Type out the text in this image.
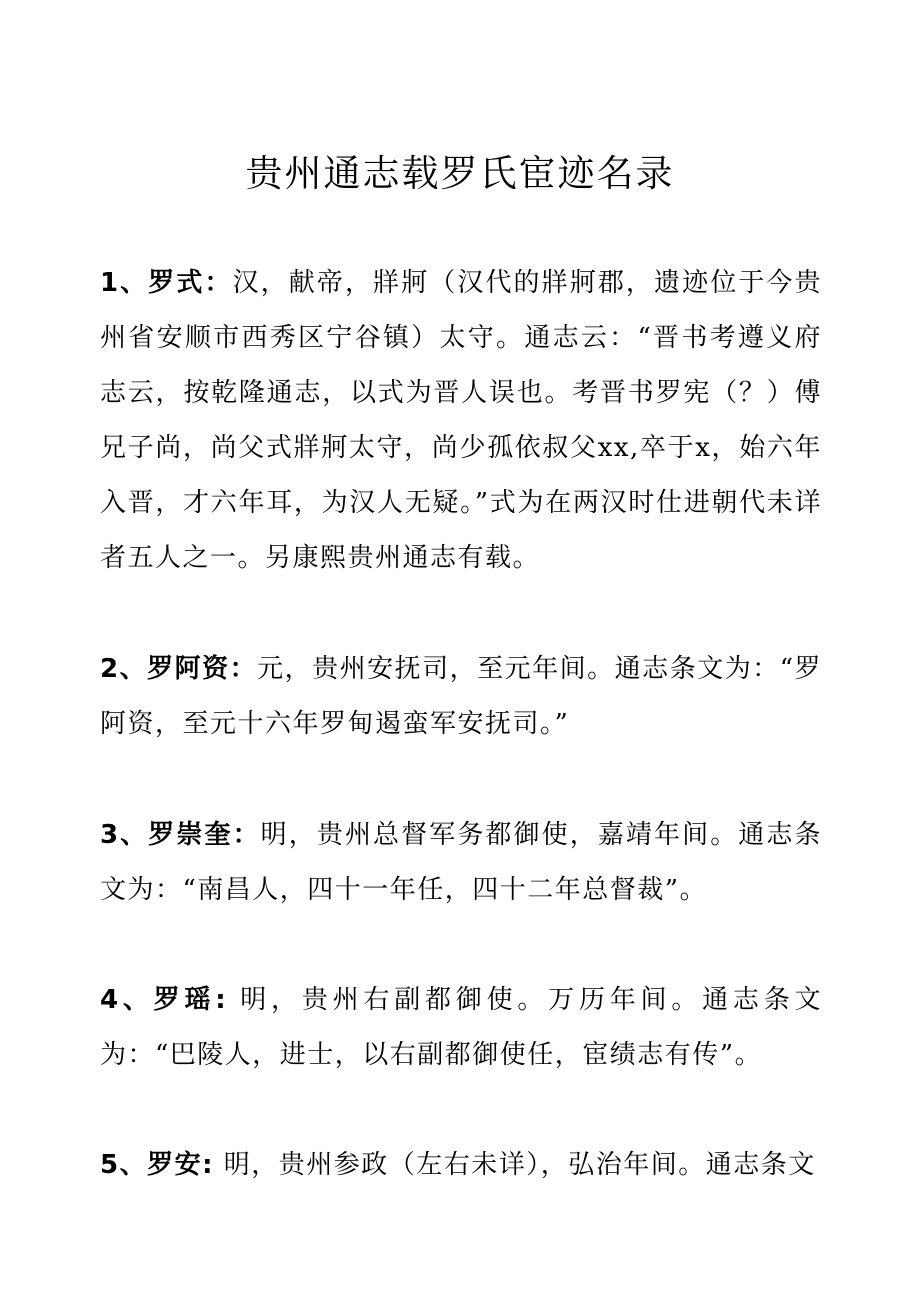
贵州通志载罗氏宦迹名录

1、罗式：汉，献帝，牂牁（汉代的牂牁郡，遗迹位于今贵州省安顺市西秀区宁谷镇）太守。通志云：“晋书考遵义府志云，按乾隆通志，以式为晋人误也。考晋书罗宪（？）傅兄子尚，尚父式牂牁太守，尚少孤依叔父xx,卒于x，始六年入晋，才六年耳，为汉人无疑。”式为在两汉时仕进朝代未详者五人之一。另康熙贵州通志有载。

2、罗阿资：元，贵州安抚司，至元年间。通志条文为：“罗阿资，至元十六年罗甸遏蛮军安抚司。”

3、罗崇奎：明，贵州总督军务都御使，嘉靖年间。通志条文为：“南昌人，四十一年任，四十二年总督裁”。

4、罗瑶: 明，贵州右副都御使。万历年间。通志条文为：“巴陵人，进士，以右副都御使任，宦绩志有传”。

5、罗安: 明，贵州参政（左右未详），弘治年间。通志条文
